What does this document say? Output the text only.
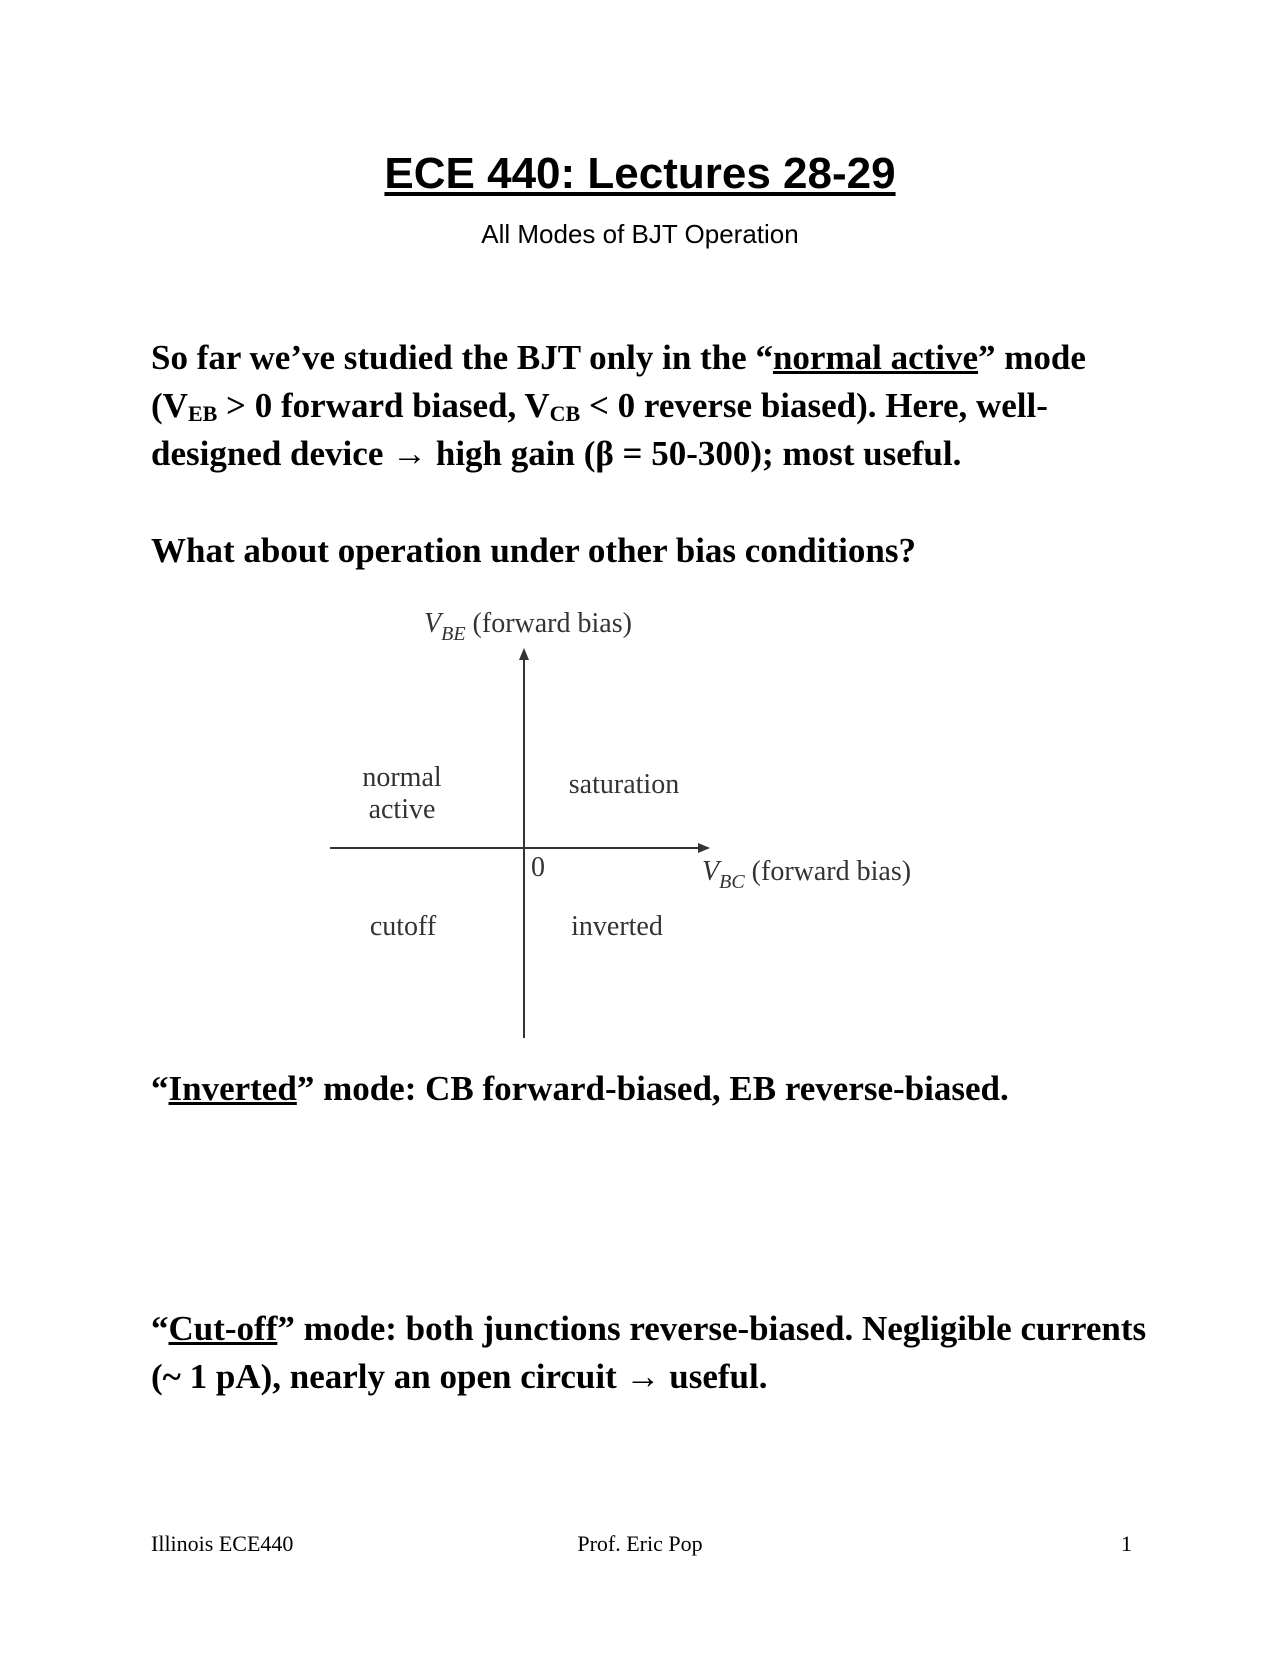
ECE 440: Lectures 28-29
All Modes of BJT Operation
So far we’ve studied the BJT only in the “normal active” mode ($V_{EB} > 0$ forward biased, $V_{CB} < 0$ reverse biased). Here, well-designed device → high gain (β = 50-300); most useful.
What about operation under other bias conditions?
$V_{BE}$ (forward bias)
0	$V_{BC}$ (forward bias)
normal
active
saturation
cutoff	inverted
“Inverted” mode: CB forward-biased, EB reverse-biased.
“Cut-off” mode: both junctions reverse-biased. Negligible currents (~ 1 pA), nearly an open circuit → useful.
Illinois ECE440	Prof. Eric Pop	1
